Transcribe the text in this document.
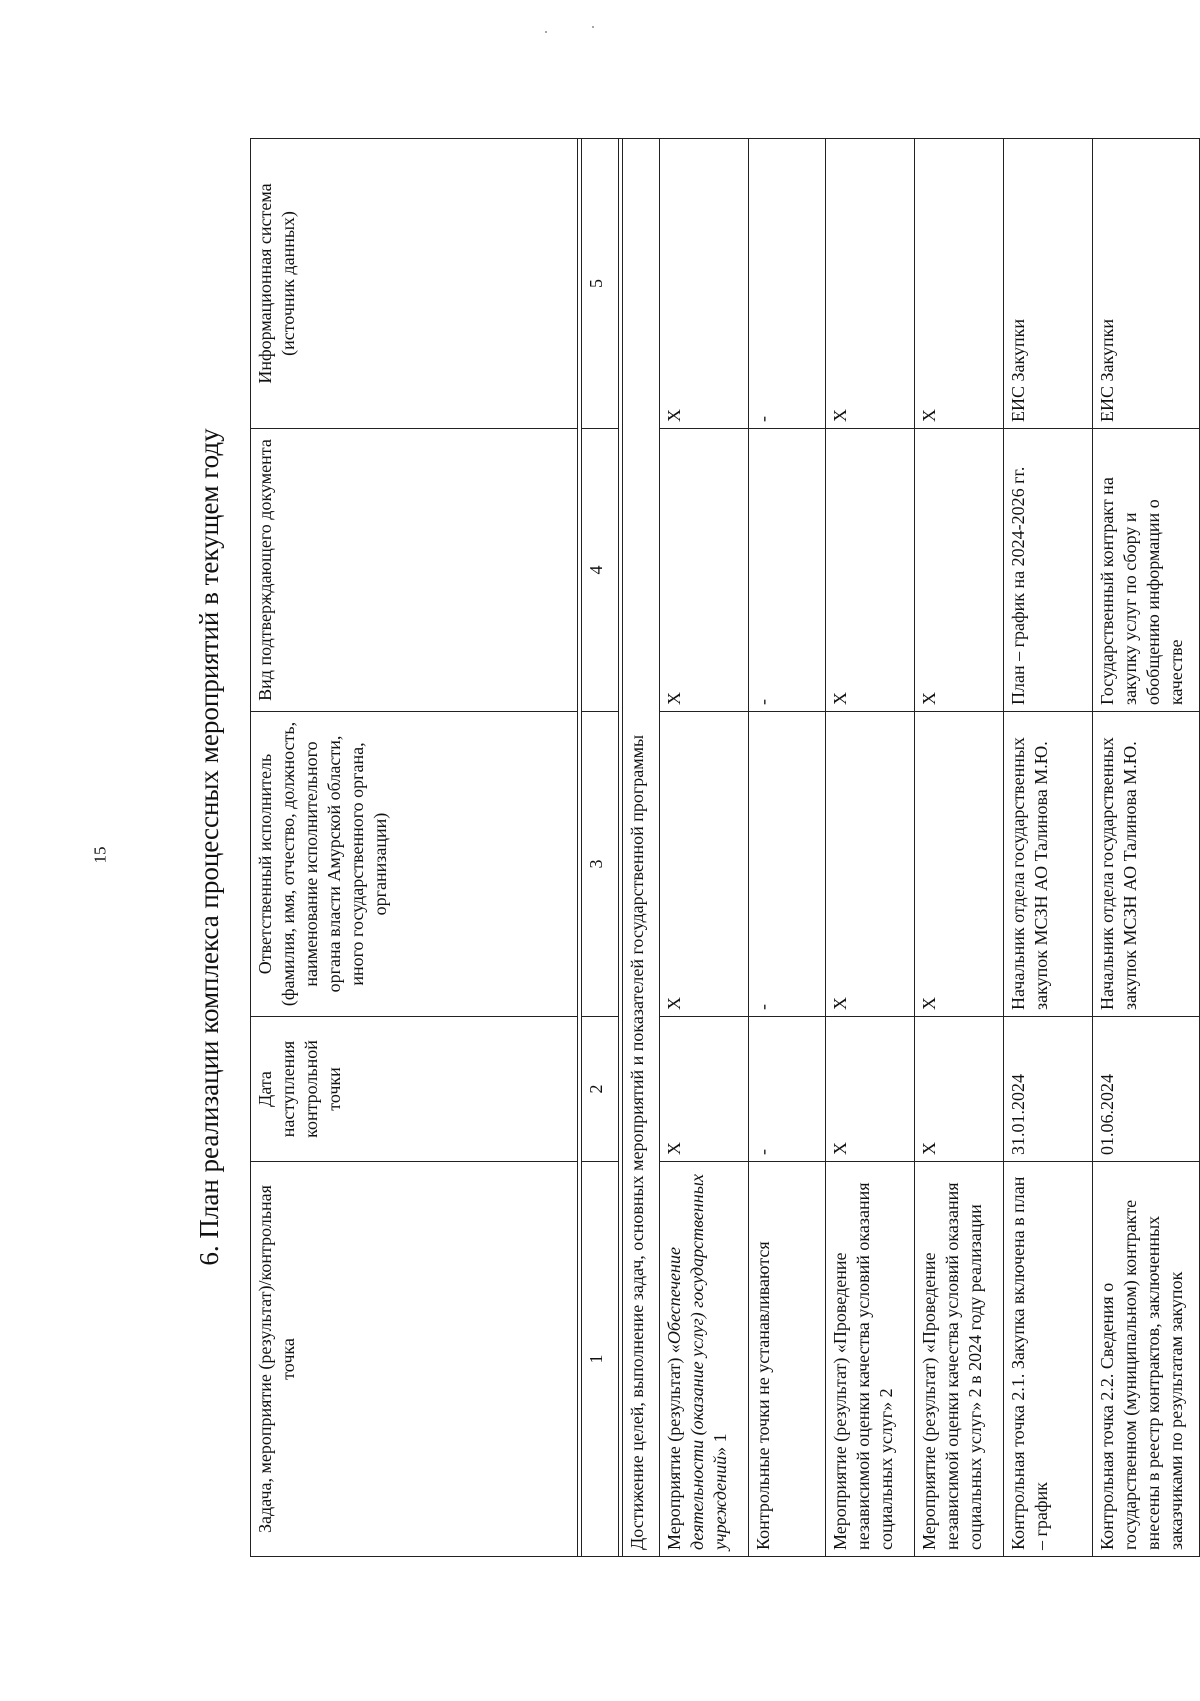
15	6. План реализации комплекса процессных мероприятий в текущем году
Задача, мероприятие (результат)/контрольная точка	Дата наступления контрольной точки	Ответственный исполнитель (фамилия, имя, отчество, должность, наименование исполнительного органа власти Амурской области, иного государственного органа, организации)	Вид подтверждающего документа	Информационная система (источник данных)

1	2	3	4	5

Достижение целей, выполнение задач, основных мероприятий и показателей государственной программы				
Мероприятие (результат) «Обеспечение деятельности (оказание услуг) государственных учреждений» 1	Х	Х	Х	Х
Контрольные точки не устанавливаются	-	-	-	-
Мероприятие (результат) «Проведение независимой оценки качества условий оказания социальных услуг» 2	Х	Х	Х	Х
Мероприятие (результат) «Проведение независимой оценки качества условий оказания социальных услуг» 2 в 2024 году реализации	Х	Х	Х	Х
Контрольная точка 2.1. Закупка включена в план – график	31.01.2024	Начальник отдела государственных закупок МСЗН АО Талинова М.Ю.	План – график на 2024-2026 гг.	ЕИС Закупки
Контрольная точка 2.2. Сведения о государственном (муниципальном) контракте внесены в реестр контрактов, заключенных заказчиками по результатам закупок	01.06.2024	Начальник отдела государственных закупок МСЗН АО Талинова М.Ю.	Государственный контракт на закупку услуг по сбору и обобщению информации о качестве	ЕИС Закупки
